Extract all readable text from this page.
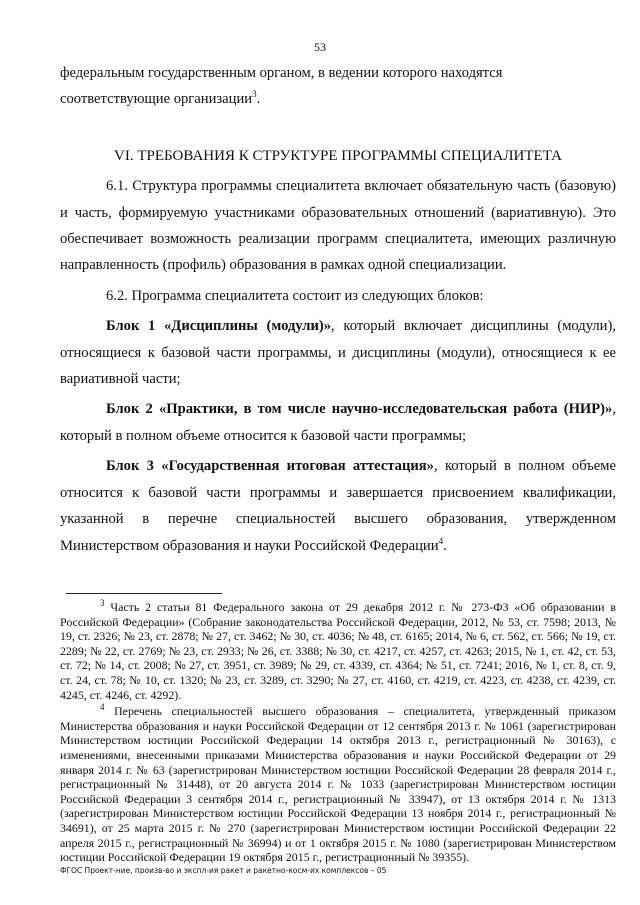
53

федеральным государственным органом, в ведении которого находятся соответствующие организации$^3$.

VI. ТРЕБОВАНИЯ К СТРУКТУРЕ ПРОГРАММЫ СПЕЦИАЛИТЕТА

6.1. Структура программы специалитета включает обязательную часть (базовую) и часть, формируемую участниками образовательных отношений (вариативную). Это обеспечивает возможность реализации программ специалитета, имеющих различную направленность (профиль) образования в рамках одной специализации.

6.2. Программа специалитета состоит из следующих блоков:

Блок 1 «Дисциплины (модули)», который включает дисциплины (модули), относящиеся к базовой части программы, и дисциплины (модули), относящиеся к ее вариативной части;

Блок 2 «Практики, в том числе научно-исследовательская работа (НИР)», который в полном объеме относится к базовой части программы;

Блок 3 «Государственная итоговая аттестация», который в полном объеме относится к базовой части программы и завершается присвоением квалификации, указанной в перечне специальностей высшего образования, утвержденном Министерством образования и науки Российской Федерации$^4$.

$^3$ Часть 2 статьи 81 Федерального закона от 29 декабря 2012 г. № 273-ФЗ «Об образовании в Российской Федерации» (Собрание законодательства Российской Федерации, 2012, № 53, ст. 7598; 2013, № 19, ст. 2326; № 23, ст. 2878; № 27, ст. 3462; № 30, ст. 4036; № 48, ст. 6165; 2014, № 6, ст. 562, ст. 566; № 19, ст. 2289; № 22, ст. 2769; № 23, ст. 2933; № 26, ст. 3388; № 30, ст. 4217, ст. 4257, ст. 4263; 2015, № 1, ст. 42, ст. 53, ст. 72; № 14, ст. 2008; № 27, ст. 3951, ст. 3989; № 29, ст. 4339, ст. 4364; № 51, ст. 7241; 2016, № 1, ст. 8, ст. 9, ст. 24, ст. 78; № 10, ст. 1320; № 23, ст. 3289, ст. 3290; № 27, ст. 4160, ст. 4219, ст. 4223, ст. 4238, ст. 4239, ст. 4245, ст. 4246, ст. 4292).

$^4$ Перечень специальностей высшего образования – специалитета, утвержденный приказом Министерства образования и науки Российской Федерации от 12 сентября 2013 г. № 1061 (зарегистрирован Министерством юстиции Российской Федерации 14 октября 2013 г., регистрационный № 30163), с изменениями, внесенными приказами Министерства образования и науки Российской Федерации от 29 января 2014 г. № 63 (зарегистрирован Министерством юстиции Российской Федерации 28 февраля 2014 г., регистрационный № 31448), от 20 августа 2014 г. № 1033 (зарегистрирован Министерством юстиции Российской Федерации 3 сентября 2014 г., регистрационный № 33947), от 13 октября 2014 г. № 1313 (зарегистрирован Министерством юстиции Российской Федерации 13 ноября 2014 г., регистрационный № 34691), от 25 марта 2015 г. № 270 (зарегистрирован Министерством юстиции Российской Федерации 22 апреля 2015 г., регистрационный № 36994) и от 1 октября 2015 г. № 1080 (зарегистрирован Министерством юстиции Российской Федерации 19 октября 2015 г., регистрационный № 39355).

ФГОС Проект-ние, произв-во и экспл-ия ракет и ракетно-косм-их комплексов – 05
